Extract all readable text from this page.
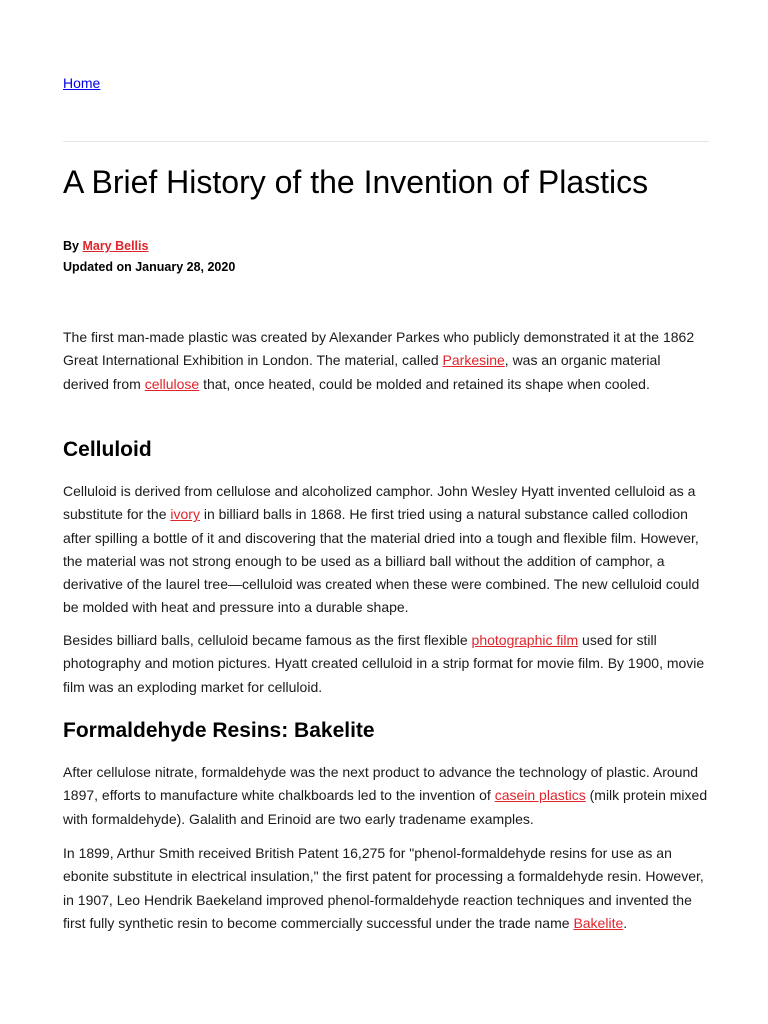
Home
A Brief History of the Invention of Plastics
By Mary Bellis
Updated on January 28, 2020

The first man-made plastic was created by Alexander Parkes who publicly demonstrated it at the 1862 Great International Exhibition in London. The material, called Parkesine, was an organic material derived from cellulose that, once heated, could be molded and retained its shape when cooled.

Celluloid

Celluloid is derived from cellulose and alcoholized camphor. John Wesley Hyatt invented celluloid as a substitute for the ivory in billiard balls in 1868. He first tried using a natural substance called collodion after spilling a bottle of it and discovering that the material dried into a tough and flexible film. However, the material was not strong enough to be used as a billiard ball without the addition of camphor, a derivative of the laurel tree—celluloid was created when these were combined. The new celluloid could be molded with heat and pressure into a durable shape.

Besides billiard balls, celluloid became famous as the first flexible photographic film used for still photography and motion pictures. Hyatt created celluloid in a strip format for movie film. By 1900, movie film was an exploding market for celluloid.

Formaldehyde Resins: Bakelite

After cellulose nitrate, formaldehyde was the next product to advance the technology of plastic. Around 1897, efforts to manufacture white chalkboards led to the invention of casein plastics (milk protein mixed with formaldehyde). Galalith and Erinoid are two early tradename examples.

In 1899, Arthur Smith received British Patent 16,275 for "phenol-formaldehyde resins for use as an ebonite substitute in electrical insulation," the first patent for processing a formaldehyde resin. However, in 1907, Leo Hendrik Baekeland improved phenol-formaldehyde reaction techniques and invented the first fully synthetic resin to become commercially successful under the trade name Bakelite.
